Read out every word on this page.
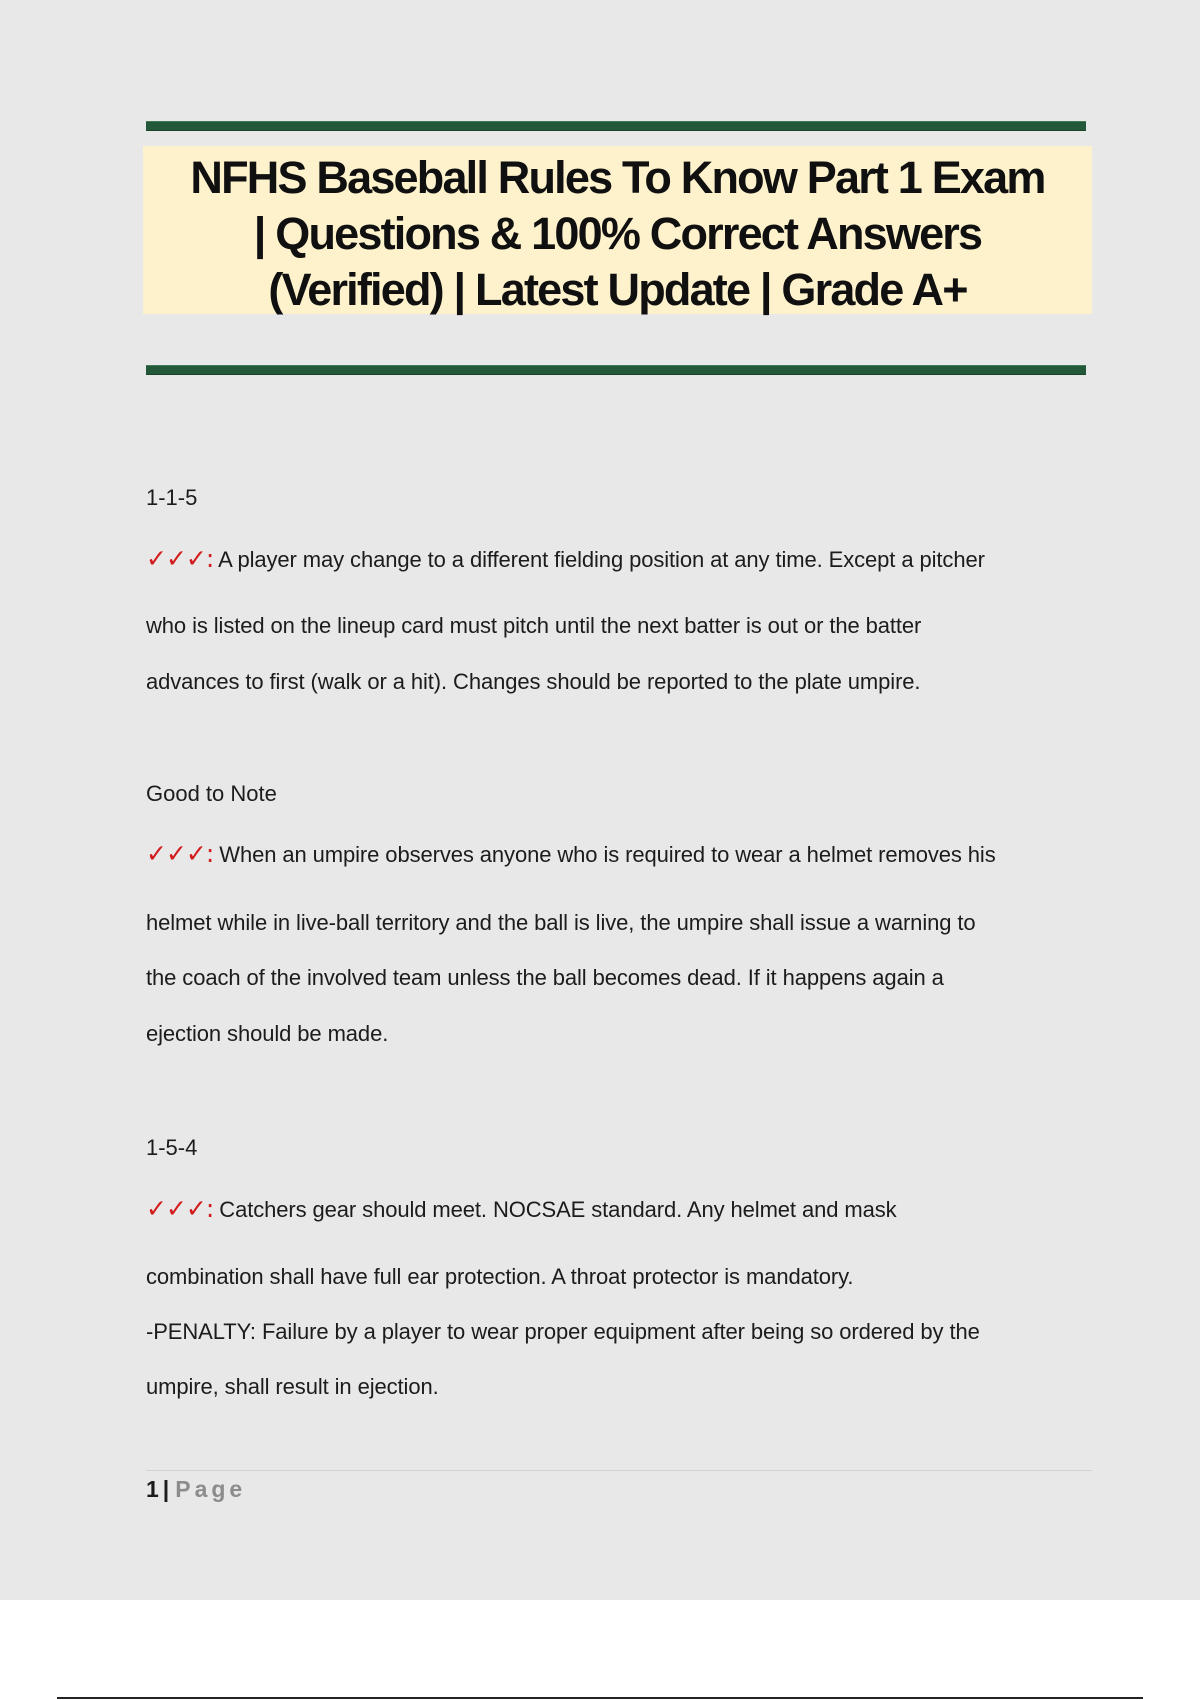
NFHS Baseball Rules To Know Part 1 Exam
| Questions & 100% Correct Answers
(Verified) | Latest Update | Grade A+

1-1-5

✓✓✓: A player may change to a different fielding position at any time. Except a pitcher
who is listed on the lineup card must pitch until the next batter is out or the batter
advances to first (walk or a hit). Changes should be reported to the plate umpire.

Good to Note

✓✓✓: When an umpire observes anyone who is required to wear a helmet removes his
helmet while in live-ball territory and the ball is live, the umpire shall issue a warning to
the coach of the involved team unless the ball becomes dead. If it happens again a
ejection should be made.

1-5-4

✓✓✓: Catchers gear should meet. NOCSAE standard. Any helmet and mask
combination shall have full ear protection. A throat protector is mandatory.
-PENALTY: Failure by a player to wear proper equipment after being so ordered by the
umpire, shall result in ejection.

1 | Page
